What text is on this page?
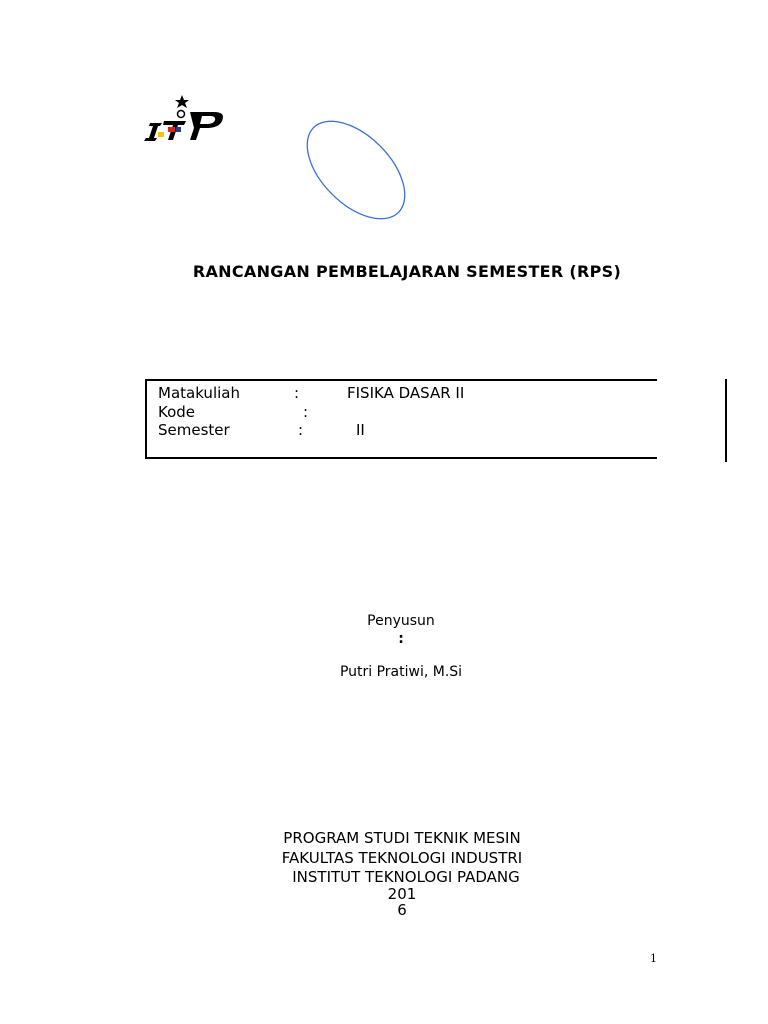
RANCANGAN PEMBELAJARAN SEMESTER (RPS)
Matakuliah	:	FISIKA DASAR II
Kode	:
Semester	:	II
Penyusun
:
Putri Pratiwi, M.Si
PROGRAM STUDI TEKNIK MESIN
FAKULTAS TEKNOLOGI INDUSTRI
INSTITUT TEKNOLOGI PADANG
201
6
1
